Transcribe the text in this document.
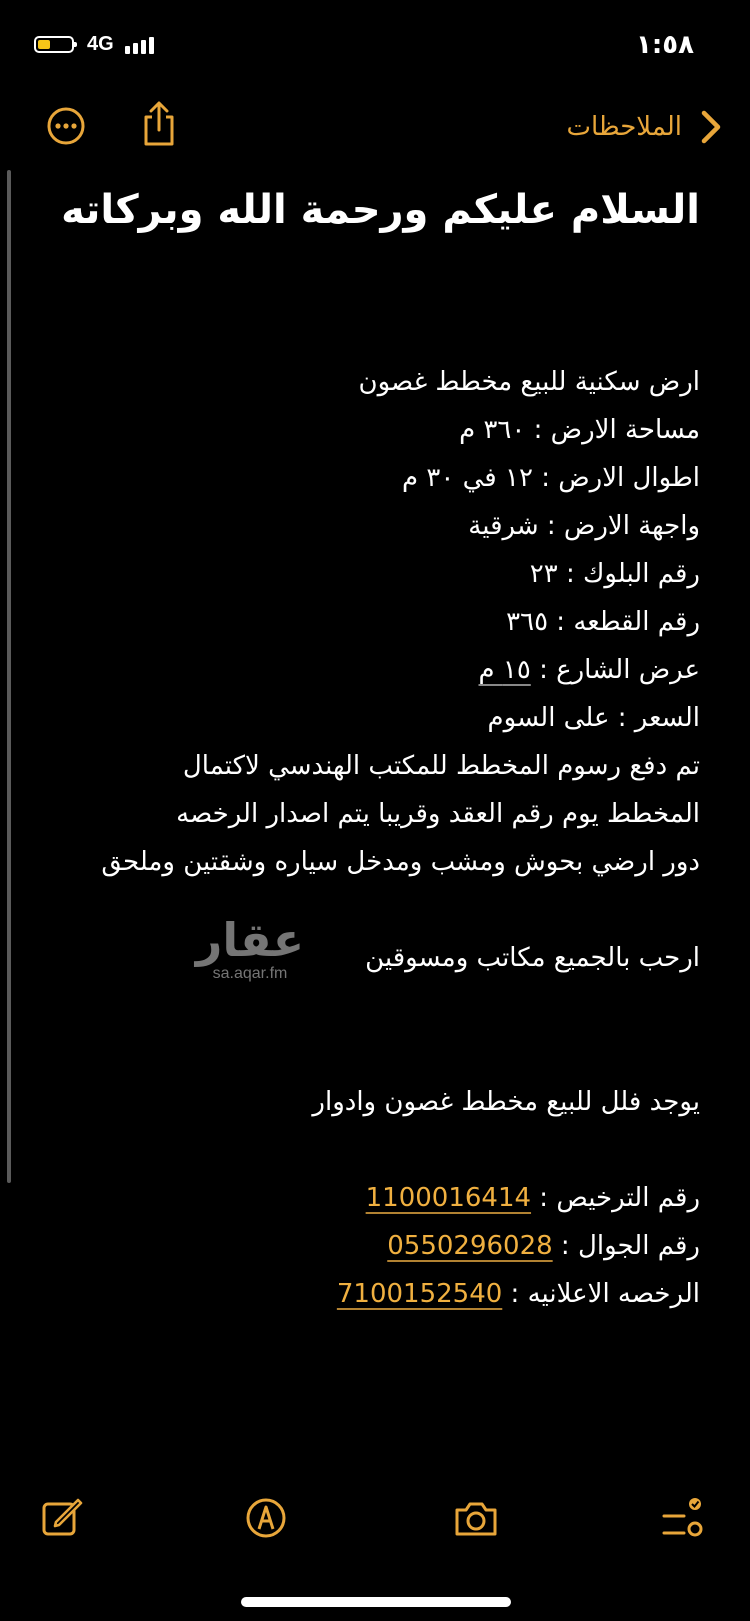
4G	١:٥٨
الملاحظات
السلام عليكم ورحمة الله وبركاته
ارض سكنية للبيع مخطط غصون
مساحة الارض : ٣٦٠ م
اطوال الارض : ١٢ في ٣٠ م
واجهة الارض : شرقية
رقم البلوك : ٢٣
رقم القطعه : ٣٦٥
عرض الشارع : ١٥ م
السعر : على السوم
تم دفع رسوم المخطط للمكتب الهندسي لاكتمال
المخطط يوم رقم العقد وقريبا يتم اصدار الرخصه
دور ارضي بحوش ومشب ومدخل سياره وشقتين وملحق
ارحب بالجميع مكاتب ومسوقين
يوجد فلل للبيع مخطط غصون وادوار
رقم الترخيص : 1100016414
رقم الجوال : 0550296028
الرخصه الاعلانيه : 7100152540
عقار
sa.aqar.fm
